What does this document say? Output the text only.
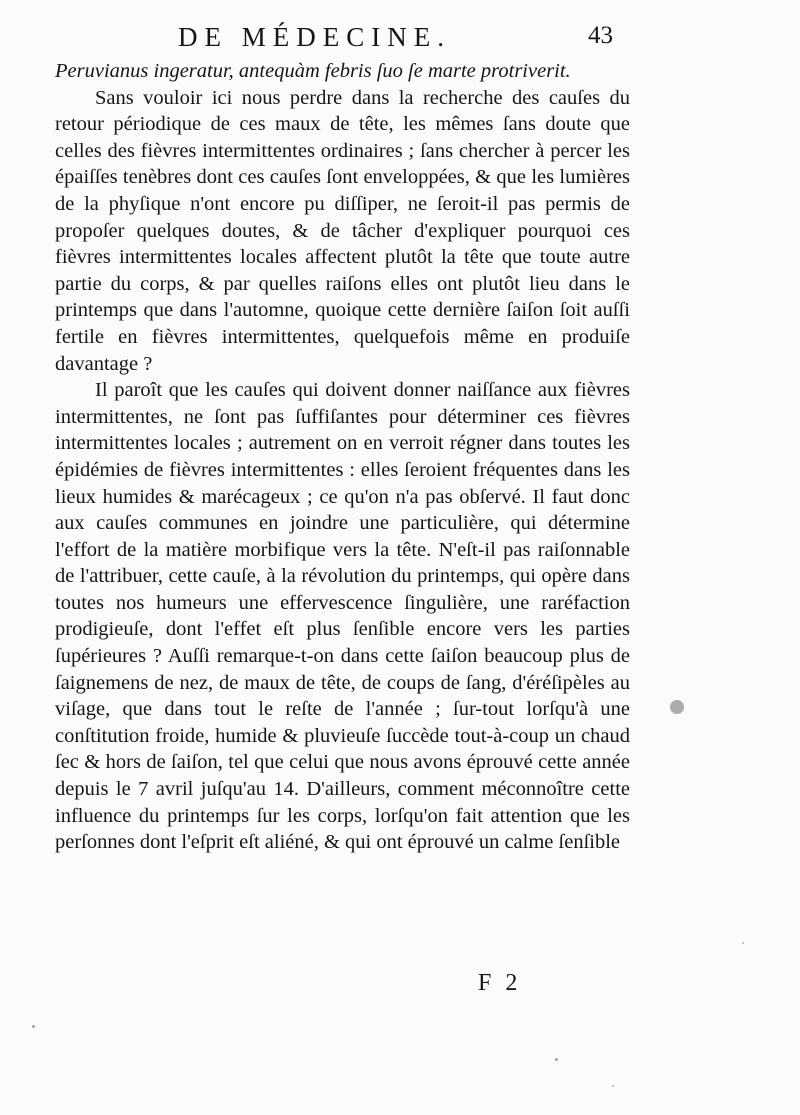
DE MÉDECINE.	43

Peruvianus ingeratur, antequàm febris ſuo ſe marte protriverit.

Sans vouloir ici nous perdre dans la recherche des cauſes du retour périodique de ces maux de tête, les mêmes ſans doute que celles des fièvres intermittentes ordinaires ; ſans chercher à percer les épaiſſes tenèbres dont ces cauſes ſont enveloppées, & que les lumières de la phyſique n'ont encore pu diſſiper, ne ſeroit-il pas permis de propoſer quelques doutes, & de tâcher d'expliquer pourquoi ces fièvres intermittentes locales affectent plutôt la tête que toute autre partie du corps, & par quelles raiſons elles ont plutôt lieu dans le printemps que dans l'automne, quoique cette dernière ſaiſon ſoit auſſi fertile en fièvres intermittentes, quelquefois même en produiſe davantage ?

Il paroît que les cauſes qui doivent donner naiſſance aux fièvres intermittentes, ne ſont pas ſuffiſantes pour déterminer ces fièvres intermittentes locales ; autrement on en verroit régner dans toutes les épidémies de fièvres intermittentes : elles ſeroient fréquentes dans les lieux humides & marécageux ; ce qu'on n'a pas obſervé. Il faut donc aux cauſes communes en joindre une particulière, qui détermine l'effort de la matière morbifique vers la tête. N'eſt-il pas raiſonnable de l'attribuer, cette cauſe, à la révolution du printemps, qui opère dans toutes nos humeurs une effervescence ſingulière, une raréfaction prodigieuſe, dont l'effet eſt plus ſenſible encore vers les parties ſupérieures ? Auſſi remarque-t-on dans cette ſaiſon beaucoup plus de ſaignemens de nez, de maux de tête, de coups de ſang, d'éréſipèles au viſage, que dans tout le reſte de l'année ; ſur-tout lorſqu'à une conſtitution froide, humide & pluvieuſe ſuccède tout-à-coup un chaud ſec & hors de ſaiſon, tel que celui que nous avons éprouvé cette année depuis le 7 avril juſqu'au 14. D'ailleurs, comment méconnoître cette influence du printemps ſur les corps, lorſqu'on fait attention que les perſonnes dont l'eſprit eſt aliéné, & qui ont éprouvé un calme ſenſible

F 2
